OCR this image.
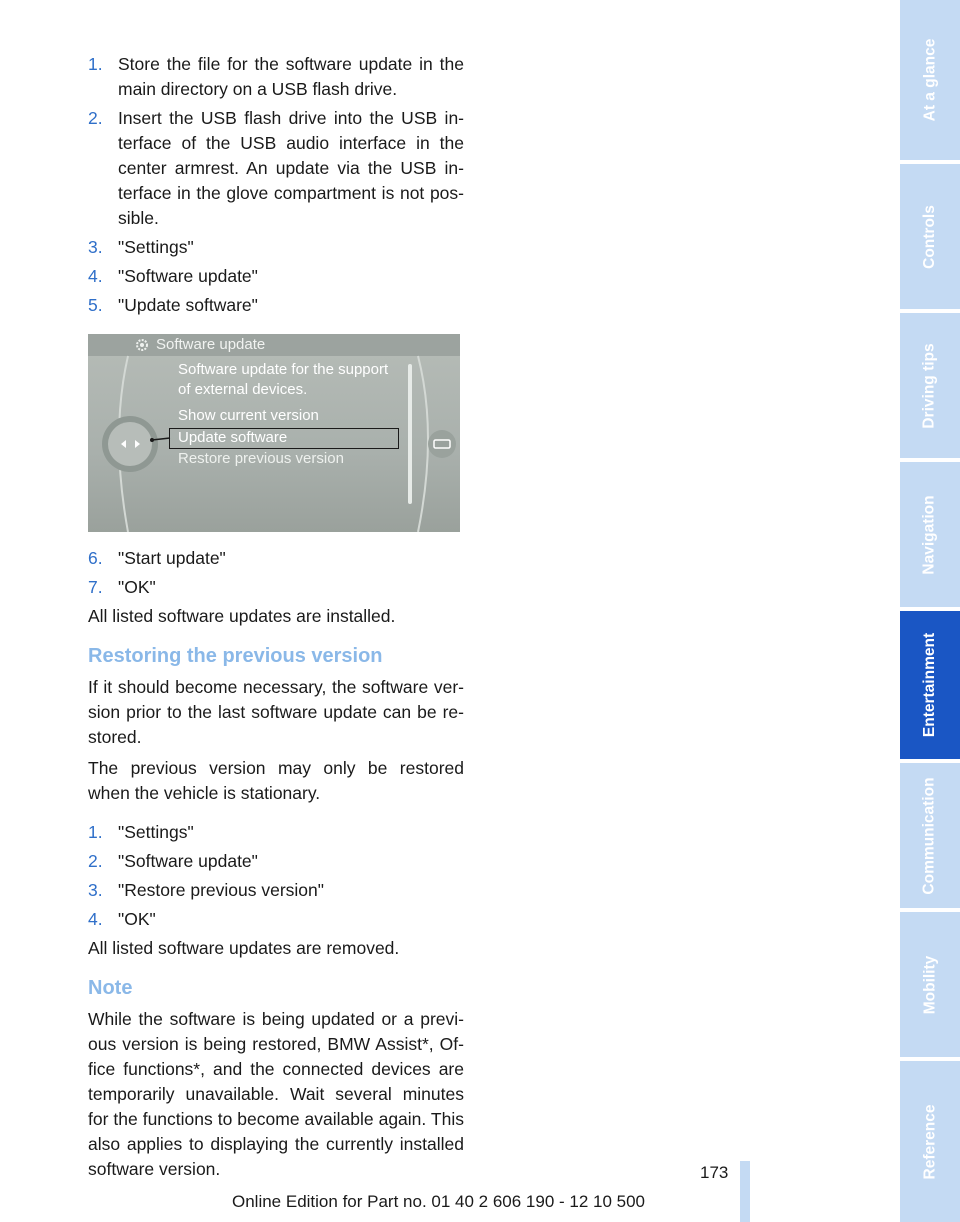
1. Store the file for the software update in the main directory on a USB flash drive.
2. Insert the USB flash drive into the USB in- terface of the USB audio interface in the center armrest. An update via the USB in- terface in the glove compartment is not pos- sible.
3. "Settings"
4. "Software update"
5. "Update software"
Software update
Software update for the support
of external devices.
Show current version
Update software
Restore previous version
6. "Start update"
7. "OK"

All listed software updates are installed.

Restoring the previous version

If it should become necessary, the software ver- sion prior to the last software update can be re- stored.

The previous version may only be restored when the vehicle is stationary.

1. "Settings"
2. "Software update"
3. "Restore previous version"
4. "OK"

All listed software updates are removed.

Note

While the software is being updated or a previ- ous version is being restored, BMW Assist*, Of- fice functions*, and the connected devices are temporarily unavailable. Wait several minutes for the functions to become available again. This also applies to displaying the currently installed software version.

At a glance
Controls
Driving tips
Navigation
Entertainment
Communication
Mobility
Reference
173
Online Edition for Part no. 01 40 2 606 190 - 12 10 500
